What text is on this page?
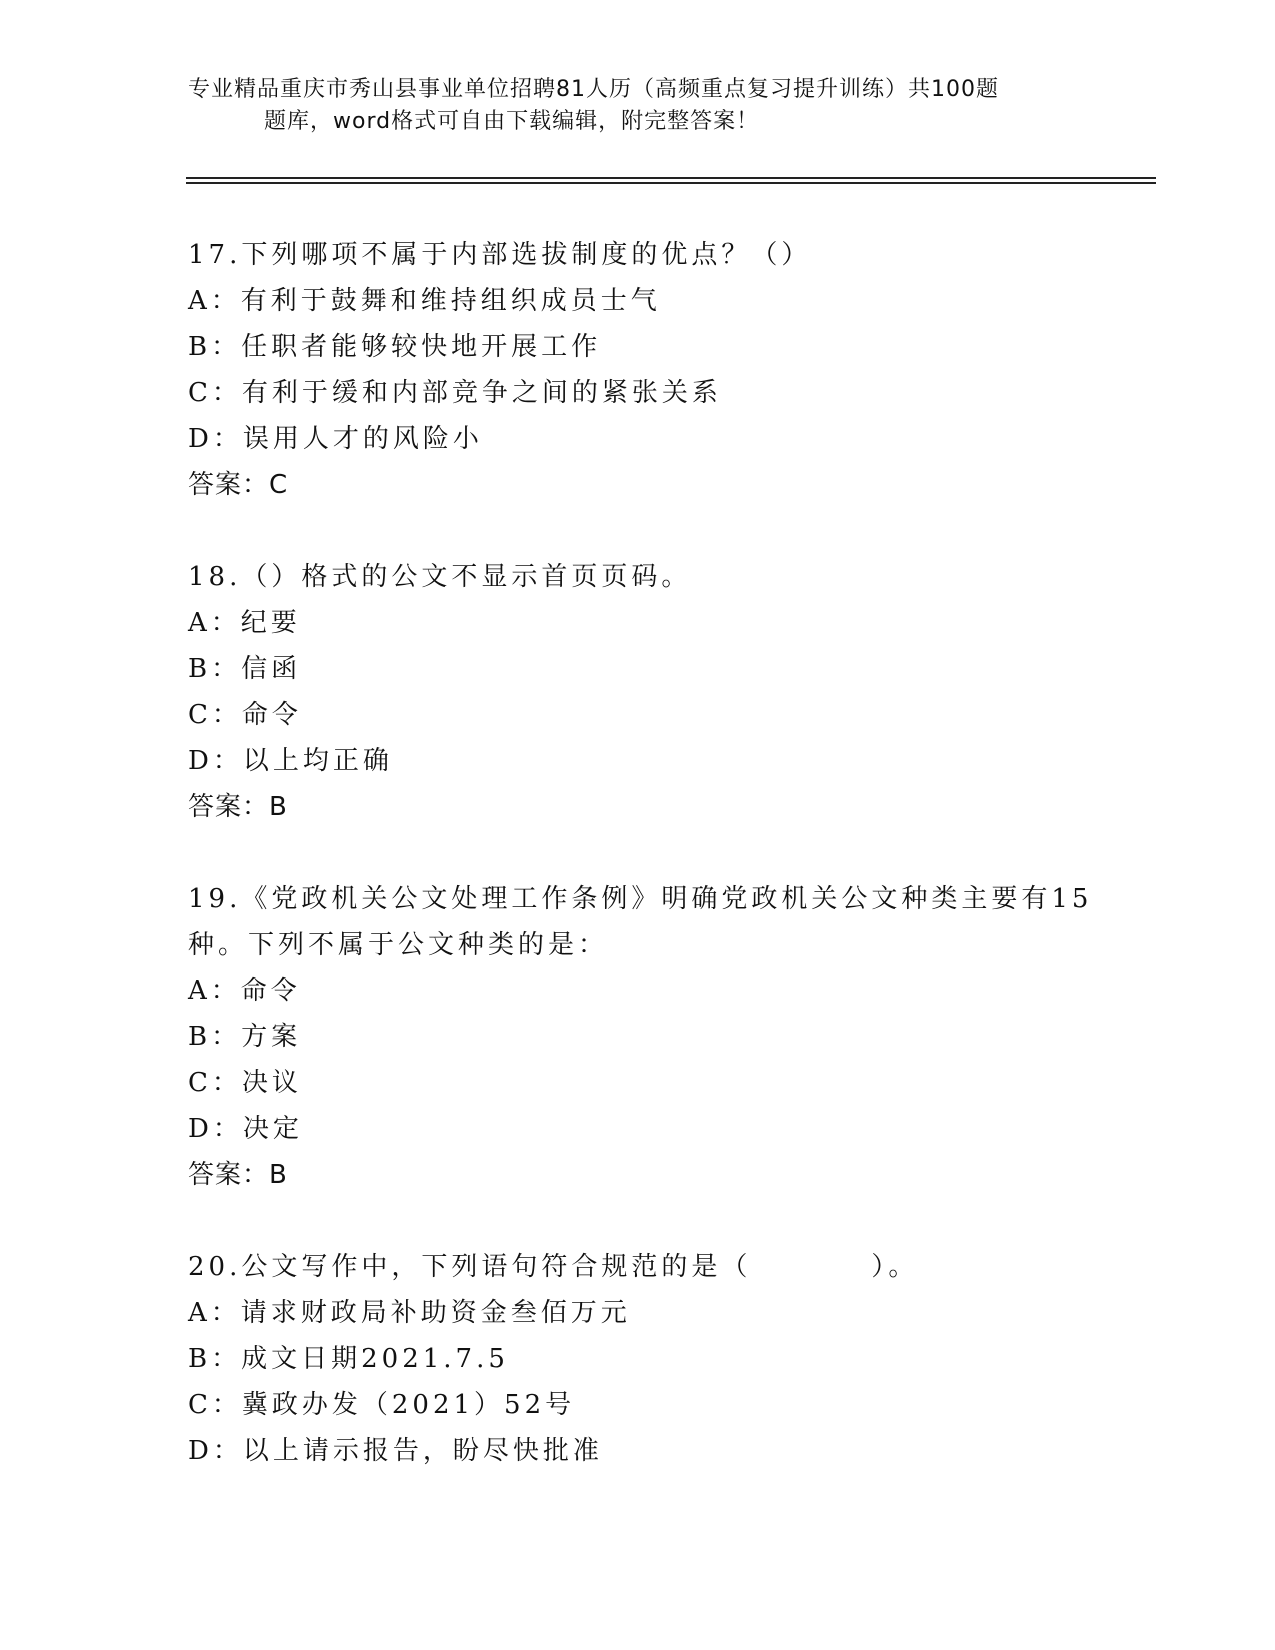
专业精品重庆市秀山县事业单位招聘81人历（高频重点复习提升训练）共100题
题库，word格式可自由下载编辑，附完整答案！
17.下列哪项不属于内部选拔制度的优点？（）
A：有利于鼓舞和维持组织成员士气
B：任职者能够较快地开展工作
C：有利于缓和内部竞争之间的紧张关系
D：误用人才的风险小
答案：C
18.（）格式的公文不显示首页页码。
A：纪要
B：信函
C：命令
D：以上均正确
答案：B
19.《党政机关公文处理工作条例》明确党政机关公文种类主要有15
种。下列不属于公文种类的是：
A：命令
B：方案
C：决议
D：决定
答案：B
20.公文写作中，下列语句符合规范的是（　　　　）。
A：请求财政局补助资金叁佰万元
B：成文日期2021.7.5
C：冀政办发（2021）52号
D：以上请示报告，盼尽快批准
